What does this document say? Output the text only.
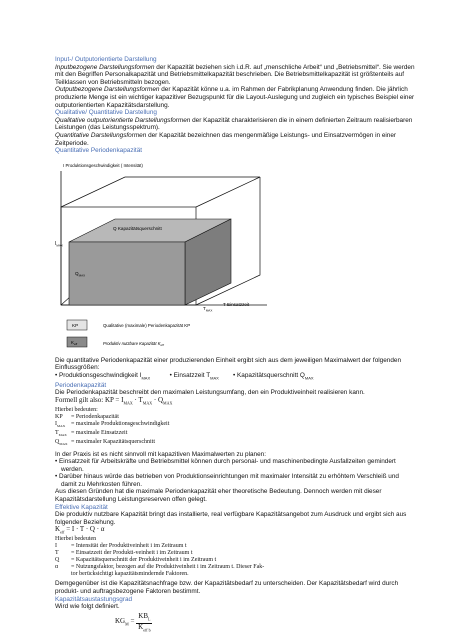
Input-/ Outputorientierte Darstellung

Inputbezogene Darstellungsformen der Kapazität beziehen sich i.d.R. auf „menschliche Arbeit“ und „Betriebsmittel“. Sie werden mit den Begriffen Personalkapazität und Betriebsmittelkapazität beschrieben. Die Betriebsmittelkapazität ist größtenteils auf Teilklassen von Betriebsmitteln bezogen.

Outputbezogene Darstellungsformen der Kapazität könne u.a. im Rahmen der Fabrikplanung Anwendung finden. Die jährlich produzierte Menge ist ein wichtiger kapazitiver Bezugspunkt für die Layout-Auslegung und zugleich ein typisches Beispiel einer outputorientierten Kapazitätsdarstellung.

Qualitative/ Quantitative Darstellung

Qualitative outputorientierte Darstellungsformen der Kapazität charakterisieren die in einem definierten Zeitraum realisierbaren Leistungen (das Leistungsspektrum).

Quantitative Darstellungsformen der Kapazität bezeichnen das mengenmäßige Leistungs- und Einsatzvermögen in einer Zeitperiode.

Quantitative Periodenkapazität

I Produktionsgeschwindigkeit ( Intensität)
$I_{MAX}$
Q Kapazitätsquerschnitt
$Q_{MAX}$
$T_{MAX}$
T Einsatzzeit
KP	Qualitative (maximale) Periodenkapazität KP
$K_{eff}$	Produktiv nutzbare Kapazität $K_{eff}$

Die quantitative Periodenkapazität einer produzierenden Einheit ergibt sich aus dem jeweiligen Maximalwert der folgenden Einflussgrößen:

• Produktionsgeschwindigkeit $I_{MAX}$	• Einsatzzeit $T_{MAX}$ • Kapazitätsquerschnitt $Q_{MAX}$

Periodenkapazität

Die Periodenkapazität beschreibt den maximalen Leistungsumfang, den ein Produktiveinheit realisieren kann.

Formell gilt also: KP = $I_{MAX} \cdot T_{MAX} \cdot Q_{MAX}$

Hierbei bedeuten:
KP	= Periodenkapazität
$I_{MAX}$ = maximale Produktionsgeschwindigkeit
$T_{MAX}$ = maximale Einsatzzeit
$Q_{MAX}$ = maximaler Kapazitätsquerschnitt

In der Praxis ist es nicht sinnvoll mit kapazitiven Maximalwerten zu planen:

• Einsatzzeit für Arbeitskräfte und Betriebsmittel können durch personal- und maschinenbedingte Ausfallzeiten gemindert werden.

• Darüber hinaus würde das betrieben von Produktionseinrichtungen mit maximaler Intensität zu erhöhtem Verschleiß und damit zu Mehrkosten führen.

Aus diesen Gründen hat die maximale Periodenkapazität eher theoretische Bedeutung. Dennoch werden mit dieser Kapazitätsdarstellung Leistungsreserven offen gelegt.

Effektive Kapazität

Die produktiv nutzbare Kapazität bringt das installierte, real verfügbare Kapazitätsangebot zum Ausdruck und ergibt sich aus folgender Beziehung.

$K_{eff} = I \cdot T \cdot Q \cdot \alpha$

Hierbei bedeuten
I	= Intensität der Produktiveinheit i im Zeitraum t
T	= Einsatzzeit der Produkti-veinheit i im Zeitraum t
Q	= Kapazitätsquerschnitt der Produktiveinheit i im Zeitraum t
α	= Nutzungsfaktor, bezogen auf die Produktiveinheit i im Zeitraum t. Dieser Fak-
tor berücksichtigt kapazitätsmindernde Faktoren.

Demgegenüber ist die Kapazitätsnachfrage bzw. der Kapazitätsbedarf zu unterscheiden. Der Kapazitätsbedarf wird durch produkt- und auftragsbezogene Faktoren bestimmt.

Kapazitätsaustastungsgrad

Wird wie folgt definiert.

$KG_M$ =
$KB_L$
$K_{eff b}$
